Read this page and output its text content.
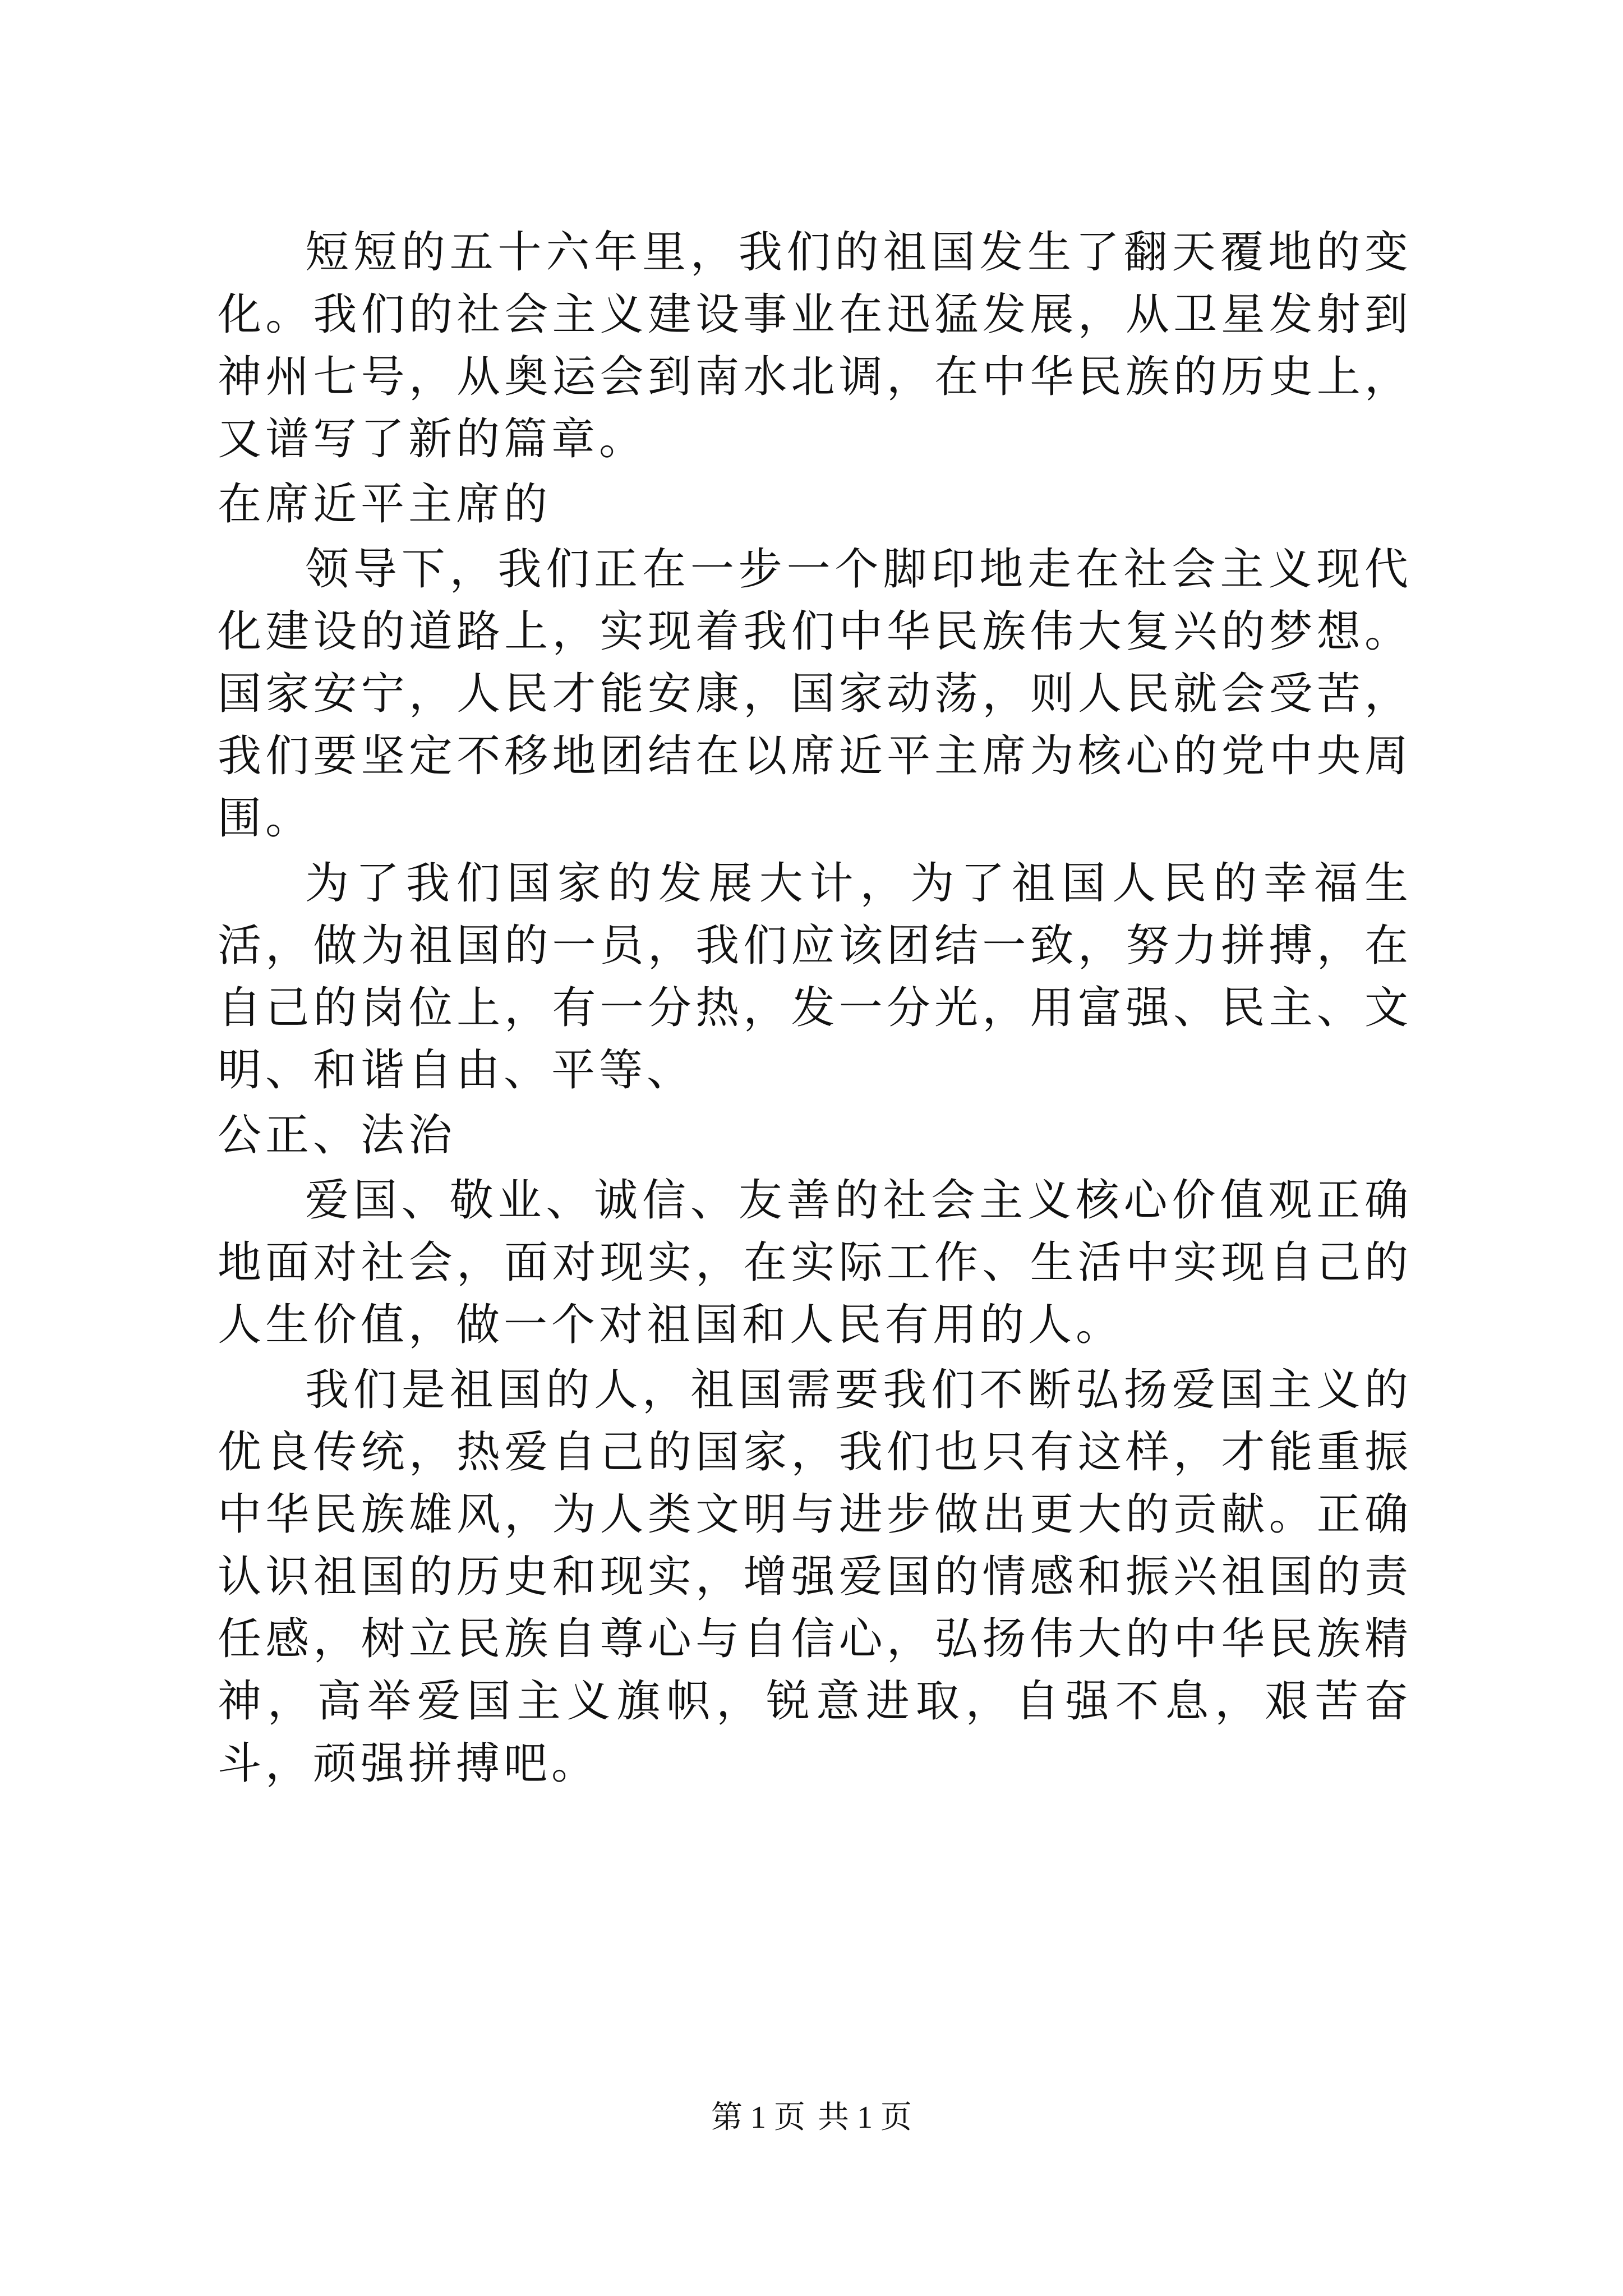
短短的五十六年里，我们的祖国发生了翻天覆地的变化。我们的社会主义建设事业在迅猛发展，从卫星发射到神州七号，从奥运会到南水北调，在中华民族的历史上，又谱写了新的篇章。

在席近平主席的

领导下，我们正在一步一个脚印地走在社会主义现代化建设的道路上，实现着我们中华民族伟大复兴的梦想。国家安宁，人民才能安康，国家动荡，则人民就会受苦，我们要坚定不移地团结在以席近平主席为核心的党中央周围。

为了我们国家的发展大计，为了祖国人民的幸福生活，做为祖国的一员，我们应该团结一致，努力拼搏，在自己的岗位上，有一分热，发一分光，用富强、民主、文明、和谐自由、平等、

公正、法治

爱国、敬业、诚信、友善的社会主义核心价值观正确地面对社会，面对现实，在实际工作、生活中实现自己的人生价值，做一个对祖国和人民有用的人。

我们是祖国的人，祖国需要我们不断弘扬爱国主义的优良传统，热爱自己的国家，我们也只有这样，才能重振中华民族雄风，为人类文明与进步做出更大的贡献。正确认识祖国的历史和现实，增强爱国的情感和振兴祖国的责任感，树立民族自尊心与自信心，弘扬伟大的中华民族精神，高举爱国主义旗帜，锐意进取，自强不息，艰苦奋斗，顽强拼搏吧。

第 1 页 共 1 页
